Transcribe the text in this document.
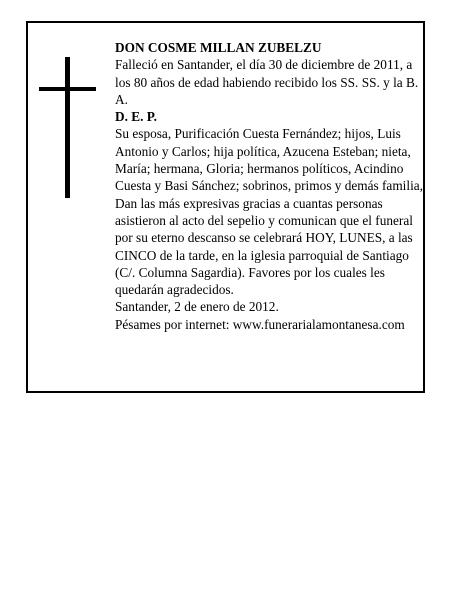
DON COSME MILLAN ZUBELZU

Falleció en Santander, el día 30 de diciembre de 2011, a los 80 años de edad habiendo recibido los SS. SS. y la B. A.

D. E. P.

Su esposa, Purificación Cuesta Fernández; hijos, Luis Antonio y Carlos; hija política, Azucena Esteban; nieta, María; hermana, Gloria; hermanos políticos, Acindino Cuesta y Basi Sánchez; sobrinos, primos y demás familia,

Dan las más expresivas gracias a cuantas personas asistieron al acto del sepelio y comunican que el funeral por su eterno descanso se celebrará HOY, LUNES, a las CINCO de la tarde, en la iglesia parroquial de Santiago (C/. Columna Sagardia). Favores por los cuales les quedarán agradecidos.

Santander, 2 de enero de 2012.

Pésames por internet: www.funerarialamontanesa.com
